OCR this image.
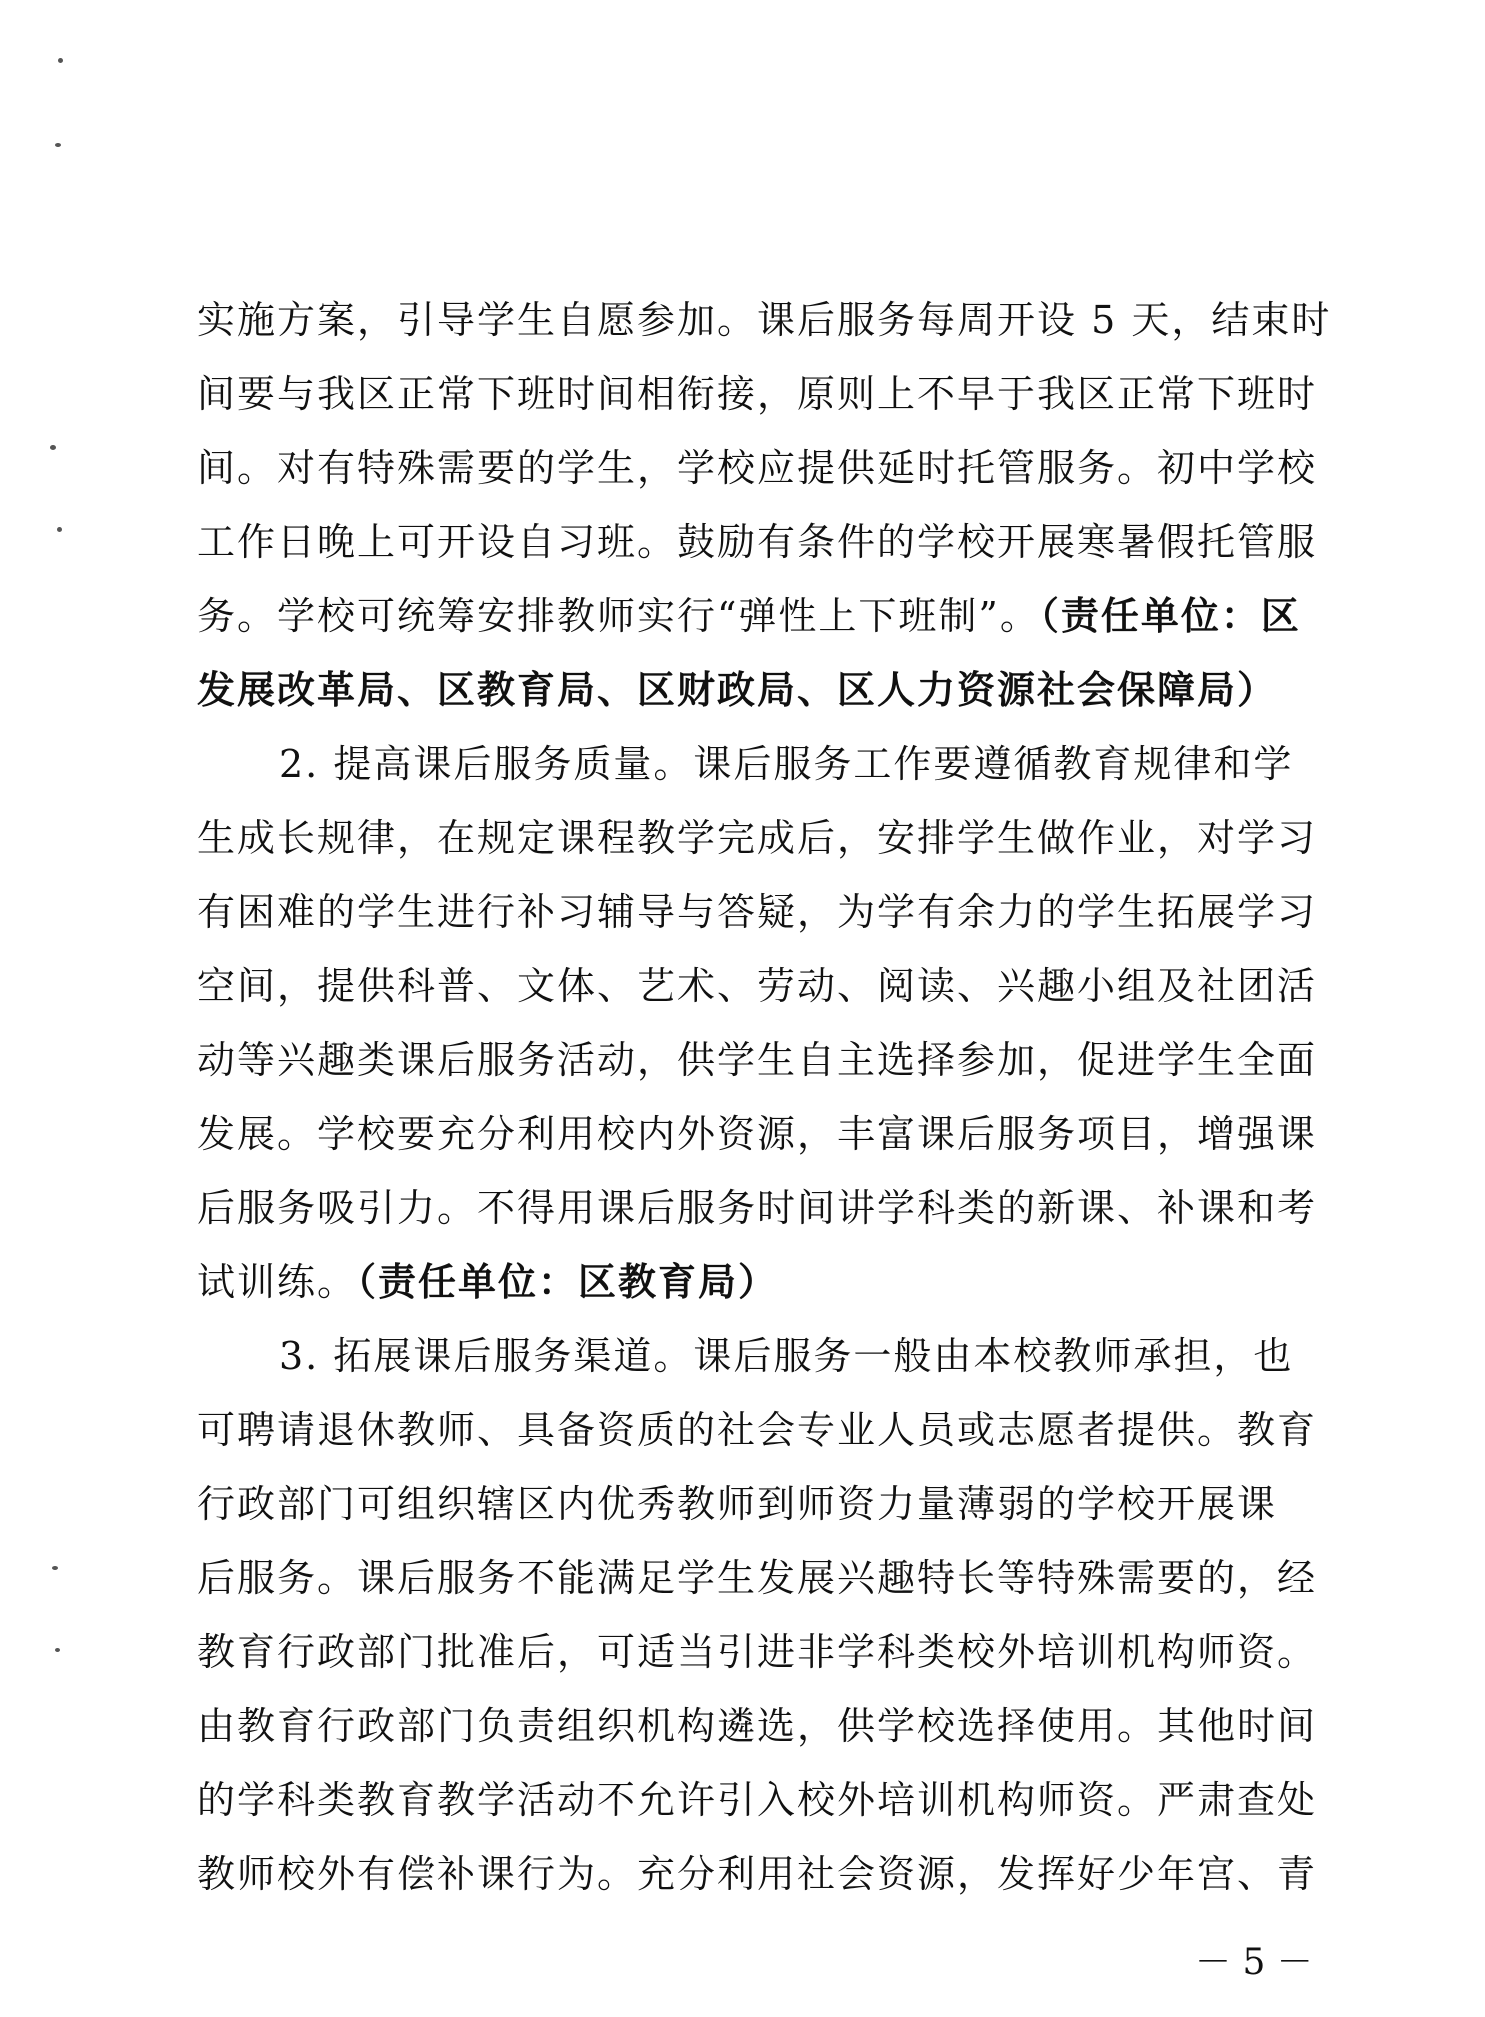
实施方案，引导学生自愿参加。课后服务每周开设 5 天，结束时
间要与我区正常下班时间相衔接，原则上不早于我区正常下班时
间。对有特殊需要的学生，学校应提供延时托管服务。初中学校
工作日晚上可开设自习班。鼓励有条件的学校开展寒暑假托管服
务。学校可统筹安排教师实行“弹性上下班制”。（责任单位：区
发展改革局、区教育局、区财政局、区人力资源社会保障局）
2. 提高课后服务质量。课后服务工作要遵循教育规律和学
生成长规律，在规定课程教学完成后，安排学生做作业，对学习
有困难的学生进行补习辅导与答疑，为学有余力的学生拓展学习
空间，提供科普、文体、艺术、劳动、阅读、兴趣小组及社团活
动等兴趣类课后服务活动，供学生自主选择参加，促进学生全面
发展。学校要充分利用校内外资源，丰富课后服务项目，增强课
后服务吸引力。不得用课后服务时间讲学科类的新课、补课和考
试训练。（责任单位：区教育局）
3. 拓展课后服务渠道。课后服务一般由本校教师承担，也
可聘请退休教师、具备资质的社会专业人员或志愿者提供。教育
行政部门可组织辖区内优秀教师到师资力量薄弱的学校开展课
后服务。课后服务不能满足学生发展兴趣特长等特殊需要的，经
教育行政部门批准后，可适当引进非学科类校外培训机构师资。
由教育行政部门负责组织机构遴选，供学校选择使用。其他时间
的学科类教育教学活动不允许引入校外培训机构师资。严肃查处
教师校外有偿补课行为。充分利用社会资源，发挥好少年宫、青
－ 5 －
